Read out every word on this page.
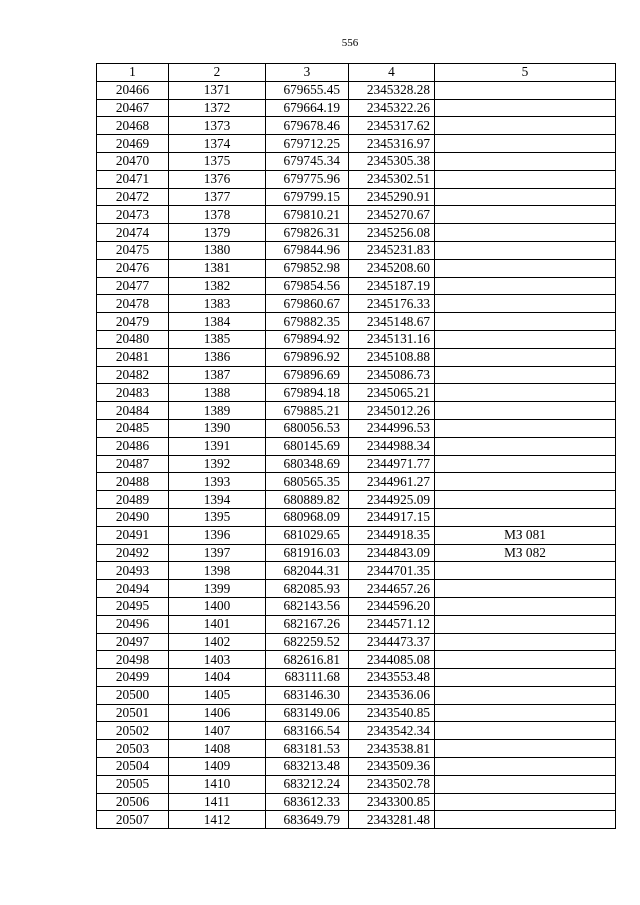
556
1	2	3	4	5
20466	1371	679655.45	2345328.28	
20467	1372	679664.19	2345322.26	
20468	1373	679678.46	2345317.62	
20469	1374	679712.25	2345316.97	
20470	1375	679745.34	2345305.38	
20471	1376	679775.96	2345302.51	
20472	1377	679799.15	2345290.91	
20473	1378	679810.21	2345270.67	
20474	1379	679826.31	2345256.08	
20475	1380	679844.96	2345231.83	
20476	1381	679852.98	2345208.60	
20477	1382	679854.56	2345187.19	
20478	1383	679860.67	2345176.33	
20479	1384	679882.35	2345148.67	
20480	1385	679894.92	2345131.16	
20481	1386	679896.92	2345108.88	
20482	1387	679896.69	2345086.73	
20483	1388	679894.18	2345065.21	
20484	1389	679885.21	2345012.26	
20485	1390	680056.53	2344996.53	
20486	1391	680145.69	2344988.34	
20487	1392	680348.69	2344971.77	
20488	1393	680565.35	2344961.27	
20489	1394	680889.82	2344925.09	
20490	1395	680968.09	2344917.15	
20491	1396	681029.65	2344918.35	МЗ 081
20492	1397	681916.03	2344843.09	МЗ 082
20493	1398	682044.31	2344701.35	
20494	1399	682085.93	2344657.26	
20495	1400	682143.56	2344596.20	
20496	1401	682167.26	2344571.12	
20497	1402	682259.52	2344473.37	
20498	1403	682616.81	2344085.08	
20499	1404	683111.68	2343553.48	
20500	1405	683146.30	2343536.06	
20501	1406	683149.06	2343540.85	
20502	1407	683166.54	2343542.34	
20503	1408	683181.53	2343538.81	
20504	1409	683213.48	2343509.36	
20505	1410	683212.24	2343502.78	
20506	1411	683612.33	2343300.85	
20507	1412	683649.79	2343281.48	
